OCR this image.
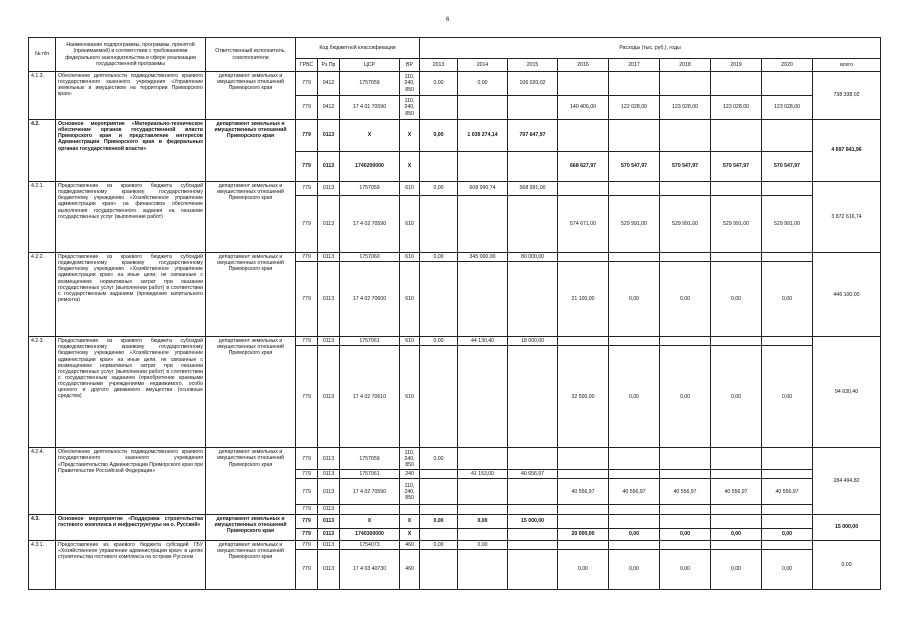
6
№ п/п	Наименование подпрограммы, программы, принятой (принимаемой) в соответствии с требованиями федерального законодательства в сфере реализации государственной программы	Ответственный исполнитель, соисполнители	Код бюджетной классификации				Расходы (тыс. руб.), годы								
			ГРБС	Рз Пр	ЦСР	ВР	2013	2014	2015	2016	2017	2018	2019	2020	всего
4.1.3.	Обеспечение деятельности подведомственного краевого государственного казенного учреждения «Управление земельных и имуществом на территории Приморского края»	департамент земельных и имущественных отношений Приморского края	779	0412	1757059	110, 240, 850	0,00	0,00	106 020,02						738 338,02
			779	0412	17 4 01 70590	110, 240, 850				140 406,00	122 028,00	123 028,00	123 028,00	123 028,00	
4.2.	Основное мероприятие «Материально-техническое обеспечение органов государственной власти Приморского края и представление интересов Администрации Приморского края в федеральных органах государственной власти»	департамент земельных и имущественных отношений Приморского края	779	0113	X	X	0,00	1 039 274,14	707 647,97						4 697 841,96
			779	0113	1740200000	X				668 627,97	570 547,97	570 547,97	570 547,97	570 547,97	
4.2.1.	Предоставление из краевого бюджета субсидий подведомственному краевому государственному бюджетному учреждению «Хозяйственное управление администрации края» на финансовое обеспечение выполнения государственного задания на оказание государственных услуг (выполнение работ)	департамент земельных и имущественных отношений Приморского края	779	0113	1757059	610	0,00	608 990,74	568 991,00						3 872 616,74
			779	0113	17 4 02 70590	610				574 671,00	529 991,00	529 991,00	529 991,00	529 991,00	
4.2.2.	Предоставление из краевого бюджета субсидий подведомственному краевому государственному бюджетному учреждению «Хозяйственное управление администрации края» на иные цели, не связанные с возмещением нормативных затрат при оказании государственных услуг (выполнении работ) в соответствии с государственным заданием (проведение капитального ремонта)	департамент земельных и имущественных отношений Приморского края	779	0113	1757060	610	0,00	345 000,00	80 000,00						446 100,00
			779	0113	17 4 02 70600	610				21 100,00	0,00	0,00	0,00	0,00	
4.2.3.	Предоставление из краевого бюджета субсидий подведомственному краевому государственному бюджетному учреждению «Хозяйственное управление администрации края» на иные цели, не связанные с возмещением нормативных затрат при оказании государственных услуг (выполнении работ) в соответствии с государственным заданием (приобретение краевыми государственными учреждениями недвижимого, особо ценного и другого движимого имущества (основные средства)	департамент земельных и имущественных отношений Приморского края	779	0113	1757061	610	0,00	44 130,40	18 000,00						94 630,40
			779	0113	17 4 02 70610	610				32 500,00	0,00	0,00	0,00	0,00	
4.2.4.	Обеспечение деятельности подведомственного краевого государственного казенного учреждения «Представительство Администрации Приморского края при Правительстве Российской Федерации»	департамент земельных и имущественных отношений Приморского края	779	0113	1757059	110, 240, 850	0,00								284 494,82
			779	0113	1757061	240		41 153,00	40 656,97						
			779	0113	17 4 02 70590	110, 240, 850				40 556,97	40 556,97	40 556,97	40 556,97	40 556,97	
			779	0113											
4.3.	Основное мероприятие «Поддержка строительства гостевого комплекса и инфраструктуры на о. Русский»	департамент земельных и имущественных отношений Приморского края	779	0113	X	X	0,00	0,00	15 000,00						15 000,00
			779	0113	1740300000	X				20 000,00	0,00	0,00	0,00	0,00	
4.3.1.	Предоставление из краевого бюджета субсидий ГБУ «Хозяйственное управление администрации края» в целях строительства гостевого комплекса на острове Русском	департамент земельных и имущественных отношений Приморского края	779	0113	1754073	460	0,00	0,00							0,00
			779	0113	17 4 03 40730	460				0,00	0,00	0,00	0,00	0,00	
